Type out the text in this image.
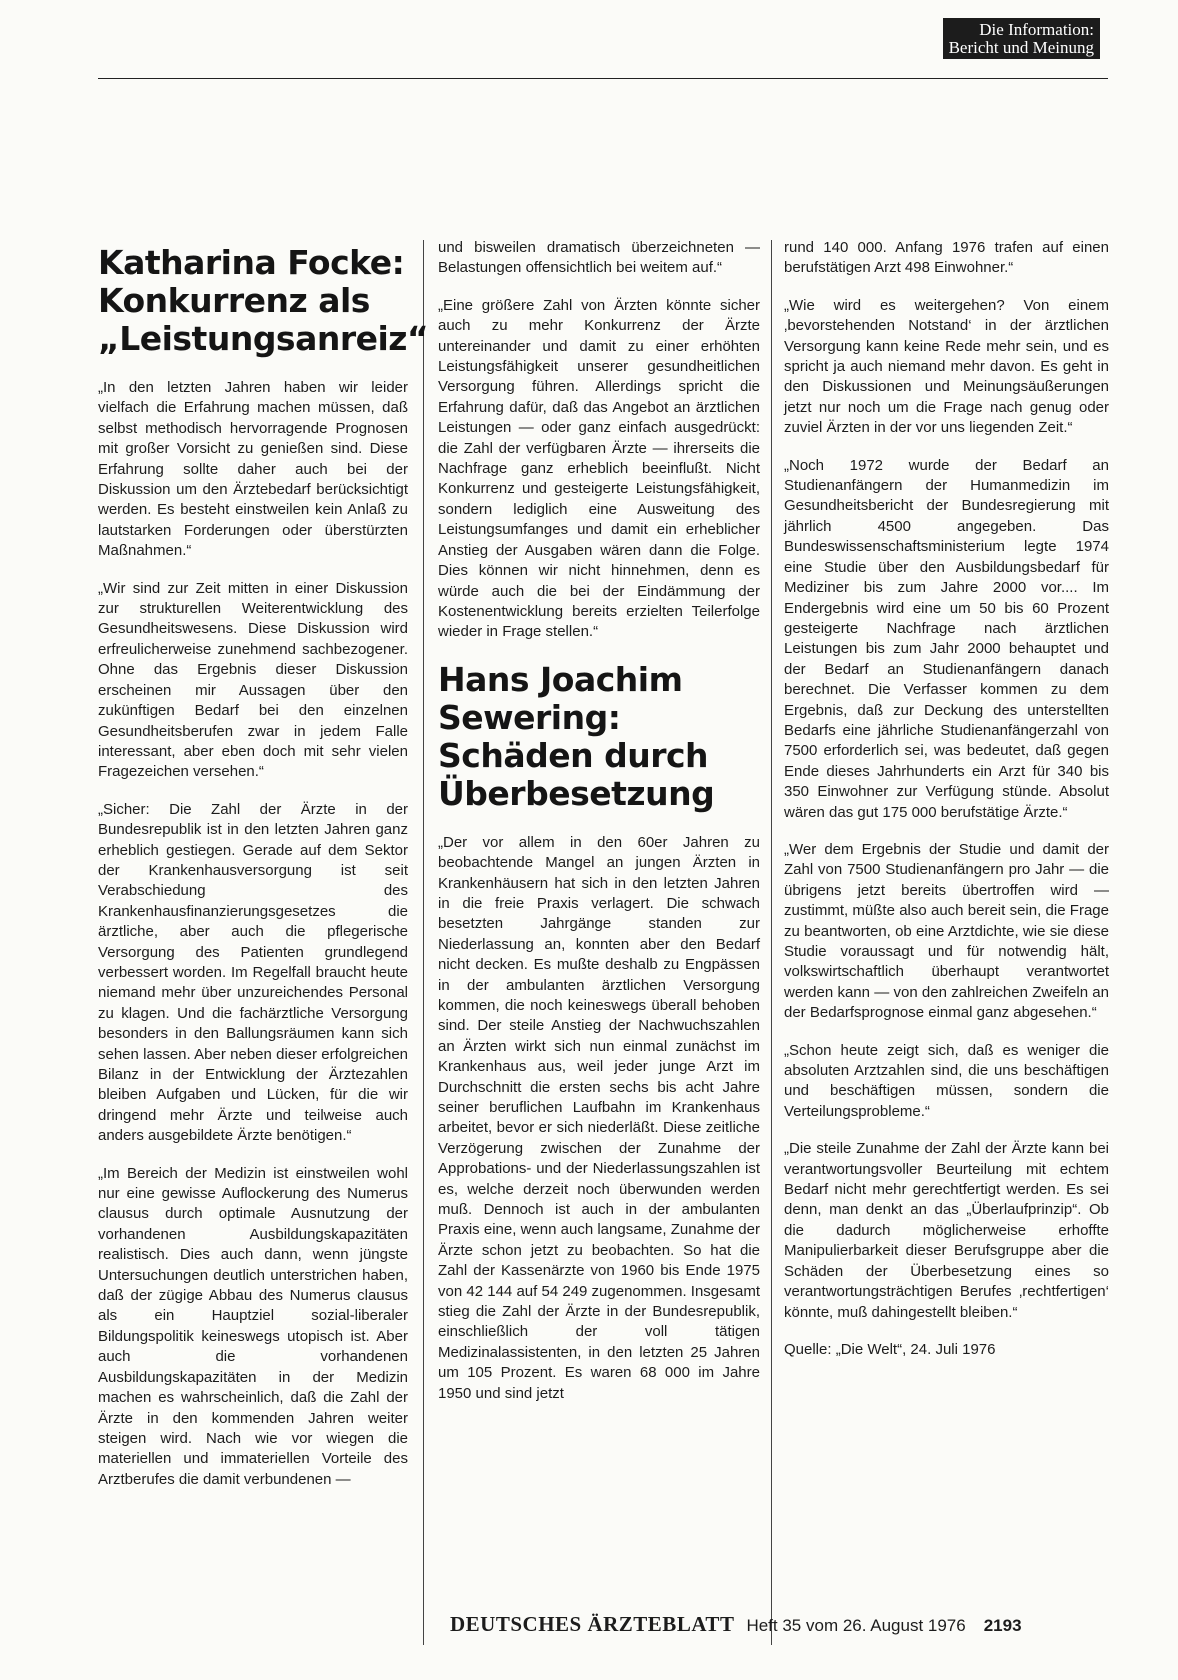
Die Information:
Bericht und Meinung
Katharina Focke: Konkurrenz als „Leistungsanreiz“

„In den letzten Jahren haben wir leider vielfach die Erfahrung machen müssen, daß selbst methodisch hervorragende Prognosen mit großer Vorsicht zu genießen sind. Diese Erfahrung sollte daher auch bei der Diskussion um den Ärztebedarf berücksichtigt werden. Es besteht einstweilen kein Anlaß zu lautstarken Forderungen oder überstürzten Maßnahmen.“

„Wir sind zur Zeit mitten in einer Diskussion zur strukturellen Weiterentwicklung des Gesundheitswesens. Diese Diskussion wird erfreulicherweise zunehmend sachbezogener. Ohne das Ergebnis dieser Diskussion erscheinen mir Aussagen über den zukünftigen Bedarf bei den einzelnen Gesundheitsberufen zwar in jedem Falle interessant, aber eben doch mit sehr vielen Fragezeichen versehen.“

„Sicher: Die Zahl der Ärzte in der Bundesrepublik ist in den letzten Jahren ganz erheblich gestiegen. Gerade auf dem Sektor der Krankenhausversorgung ist seit Verabschiedung des Krankenhausfinanzierungsgesetzes die ärztliche, aber auch die pflegerische Versorgung des Patienten grundlegend verbessert worden. Im Regelfall braucht heute niemand mehr über unzureichendes Personal zu klagen. Und die fachärztliche Versorgung besonders in den Ballungsräumen kann sich sehen lassen. Aber neben dieser erfolgreichen Bilanz in der Entwicklung der Ärztezahlen bleiben Aufgaben und Lücken, für die wir dringend mehr Ärzte und teilweise auch anders ausgebildete Ärzte benötigen.“

„Im Bereich der Medizin ist einstweilen wohl nur eine gewisse Auflockerung des Numerus clausus durch optimale Ausnutzung der vorhandenen Ausbildungskapazitäten realistisch. Dies auch dann, wenn jüngste Untersuchungen deutlich unterstrichen haben, daß der zügige Abbau des Numerus clausus als ein Hauptziel sozial-liberaler Bildungspolitik keineswegs utopisch ist. Aber auch die vorhandenen Ausbildungskapazitäten in der Medizin machen es wahrscheinlich, daß die Zahl der Ärzte in den kommenden Jahren weiter steigen wird. Nach wie vor wiegen die materiellen und immateriellen Vorteile des Arztberufes die damit verbundenen —

und bisweilen dramatisch überzeichneten — Belastungen offensichtlich bei weitem auf.“

„Eine größere Zahl von Ärzten könnte sicher auch zu mehr Konkurrenz der Ärzte untereinander und damit zu einer erhöhten Leistungsfähigkeit unserer gesundheitlichen Versorgung führen. Allerdings spricht die Erfahrung dafür, daß das Angebot an ärztlichen Leistungen — oder ganz einfach ausgedrückt: die Zahl der verfügbaren Ärzte — ihrerseits die Nachfrage ganz erheblich beeinflußt. Nicht Konkurrenz und gesteigerte Leistungsfähigkeit, sondern lediglich eine Ausweitung des Leistungsumfanges und damit ein erheblicher Anstieg der Ausgaben wären dann die Folge. Dies können wir nicht hinnehmen, denn es würde auch die bei der Eindämmung der Kostenentwicklung bereits erzielten Teilerfolge wieder in Frage stellen.“

Hans Joachim Sewering: Schäden durch Überbesetzung

„Der vor allem in den 60er Jahren zu beobachtende Mangel an jungen Ärzten in Krankenhäusern hat sich in den letzten Jahren in die freie Praxis verlagert. Die schwach besetzten Jahrgänge standen zur Niederlassung an, konnten aber den Bedarf nicht decken. Es mußte deshalb zu Engpässen in der ambulanten ärztlichen Versorgung kommen, die noch keineswegs überall behoben sind. Der steile Anstieg der Nachwuchszahlen an Ärzten wirkt sich nun einmal zunächst im Krankenhaus aus, weil jeder junge Arzt im Durchschnitt die ersten sechs bis acht Jahre seiner beruflichen Laufbahn im Krankenhaus arbeitet, bevor er sich niederläßt. Diese zeitliche Verzögerung zwischen der Zunahme der Approbations- und der Niederlassungszahlen ist es, welche derzeit noch überwunden werden muß. Dennoch ist auch in der ambulanten Praxis eine, wenn auch langsame, Zunahme der Ärzte schon jetzt zu beobachten. So hat die Zahl der Kassenärzte von 1960 bis Ende 1975 von 42 144 auf 54 249 zugenommen. Insgesamt stieg die Zahl der Ärzte in der Bundesrepublik, einschließlich der voll tätigen Medizinalassistenten, in den letzten 25 Jahren um 105 Prozent. Es waren 68 000 im Jahre 1950 und sind jetzt

rund 140 000. Anfang 1976 trafen auf einen berufstätigen Arzt 498 Einwohner.“

„Wie wird es weitergehen? Von einem ‚bevorstehenden Notstand‘ in der ärztlichen Versorgung kann keine Rede mehr sein, und es spricht ja auch niemand mehr davon. Es geht in den Diskussionen und Meinungsäußerungen jetzt nur noch um die Frage nach genug oder zuviel Ärzten in der vor uns liegenden Zeit.“

„Noch 1972 wurde der Bedarf an Studienanfängern der Humanmedizin im Gesundheitsbericht der Bundesregierung mit jährlich 4500 angegeben. Das Bundeswissenschaftsministerium legte 1974 eine Studie über den Ausbildungsbedarf für Mediziner bis zum Jahre 2000 vor.... Im Endergebnis wird eine um 50 bis 60 Prozent gesteigerte Nachfrage nach ärztlichen Leistungen bis zum Jahr 2000 behauptet und der Bedarf an Studienanfängern danach berechnet. Die Verfasser kommen zu dem Ergebnis, daß zur Deckung des unterstellten Bedarfs eine jährliche Studienanfängerzahl von 7500 erforderlich sei, was bedeutet, daß gegen Ende dieses Jahrhunderts ein Arzt für 340 bis 350 Einwohner zur Verfügung stünde. Absolut wären das gut 175 000 berufstätige Ärzte.“

„Wer dem Ergebnis der Studie und damit der Zahl von 7500 Studienanfängern pro Jahr — die übrigens jetzt bereits übertroffen wird — zustimmt, müßte also auch bereit sein, die Frage zu beantworten, ob eine Arztdichte, wie sie diese Studie voraussagt und für notwendig hält, volkswirtschaftlich überhaupt verantwortet werden kann — von den zahlreichen Zweifeln an der Bedarfsprognose einmal ganz abgesehen.“

„Schon heute zeigt sich, daß es weniger die absoluten Arztzahlen sind, die uns beschäftigen und beschäftigen müssen, sondern die Verteilungsprobleme.“

„Die steile Zunahme der Zahl der Ärzte kann bei verantwortungsvoller Beurteilung mit echtem Bedarf nicht mehr gerechtfertigt werden. Es sei denn, man denkt an das „Überlaufprinzip“. Ob die dadurch möglicherweise erhoffte Manipulierbarkeit dieser Berufsgruppe aber die Schäden der Überbesetzung eines so verantwortungsträchtigen Berufes ‚rechtfertigen‘ könnte, muß dahingestellt bleiben.“

Quelle: „Die Welt“, 24. Juli 1976

DEUTSCHES ÄRZTEBLATT Heft 35 vom 26. August 1976 2193
